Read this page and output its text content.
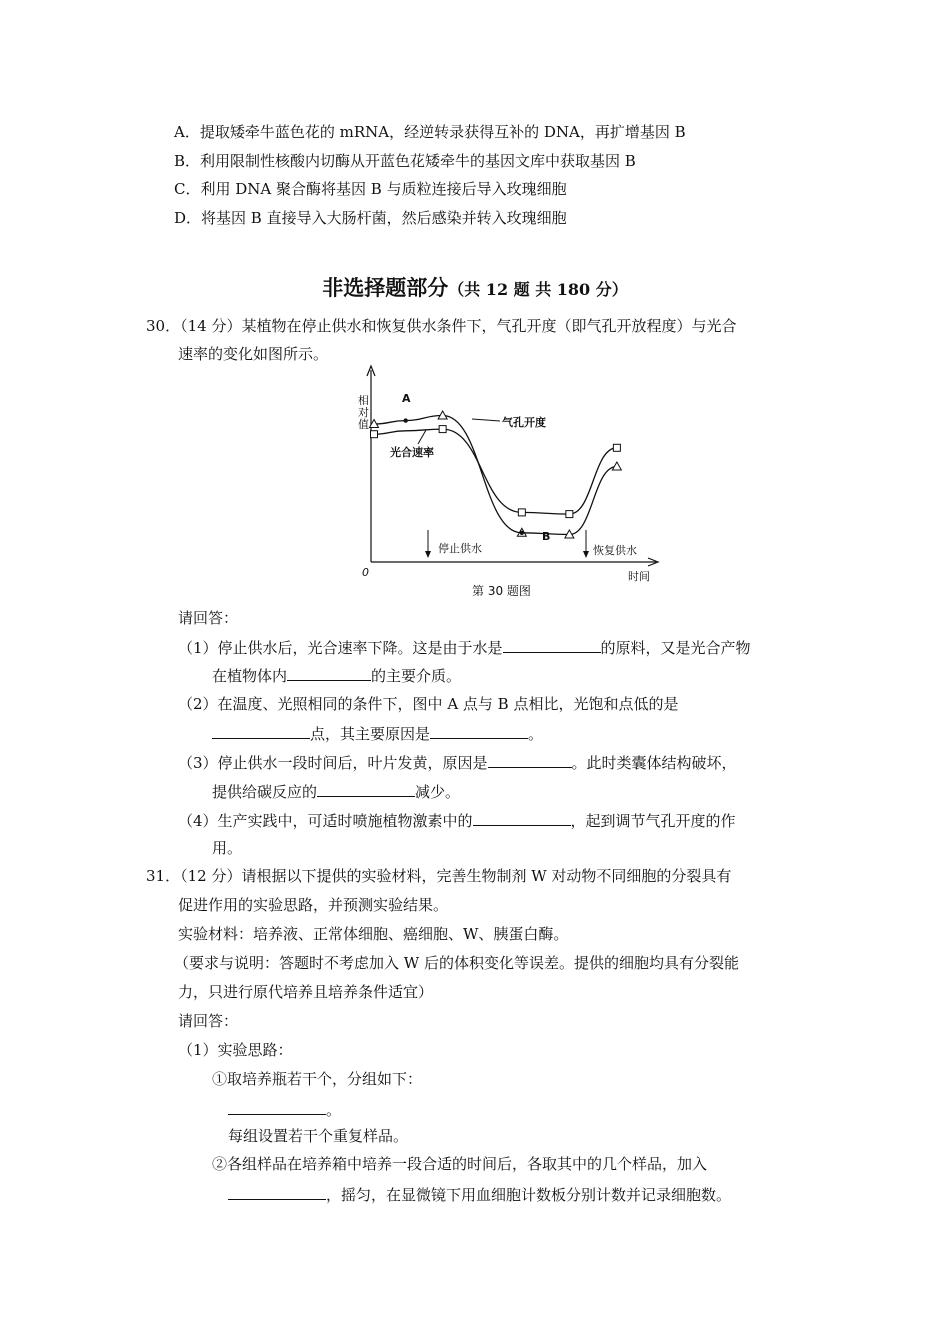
A．提取矮牵牛蓝色花的 mRNA，经逆转录获得互补的 DNA，再扩增基因 B
B．利用限制性核酸内切酶从开蓝色花矮牵牛的基因文库中获取基因 B
C．利用 DNA 聚合酶将基因 B 与质粒连接后导入玫瑰细胞
D．将基因 B 直接导入大肠杆菌，然后感染并转入玫瑰细胞
非选择题部分（共 12 题 共 180 分）
30．（14 分）某植物在停止供水和恢复供水条件下，气孔开度（即气孔开放程度）与光合
速率的变化如图所示。
相
对
值
0	时间
停止供水	恢复供水
A
B
气孔开度
光合速率
第 30 题图
请回答：
（1）停止供水后，光合速率下降。这是由于水是	的原料，又是光合产物
在植物体内	的主要介质。
（2）在温度、光照相同的条件下，图中 A 点与 B 点相比，光饱和点低的是
点，其主要原因是	。
（3）停止供水一段时间后，叶片发黄，原因是	。此时类囊体结构破坏，
提供给碳反应的	减少。
（4）生产实践中，可适时喷施植物激素中的	，起到调节气孔开度的作
用。
31．（12 分）请根据以下提供的实验材料，完善生物制剂 W 对动物不同细胞的分裂具有
促进作用的实验思路，并预测实验结果。
实验材料：培养液、正常体细胞、癌细胞、W、胰蛋白酶。
（要求与说明：答题时不考虑加入 W 后的体积变化等误差。提供的细胞均具有分裂能
力，只进行原代培养且培养条件适宜）
请回答：
（1）实验思路：
①取培养瓶若干个，分组如下：
。
每组设置若干个重复样品。
②各组样品在培养箱中培养一段合适的时间后，各取其中的几个样品，加入
，摇匀，在显微镜下用血细胞计数板分别计数并记录细胞数。
